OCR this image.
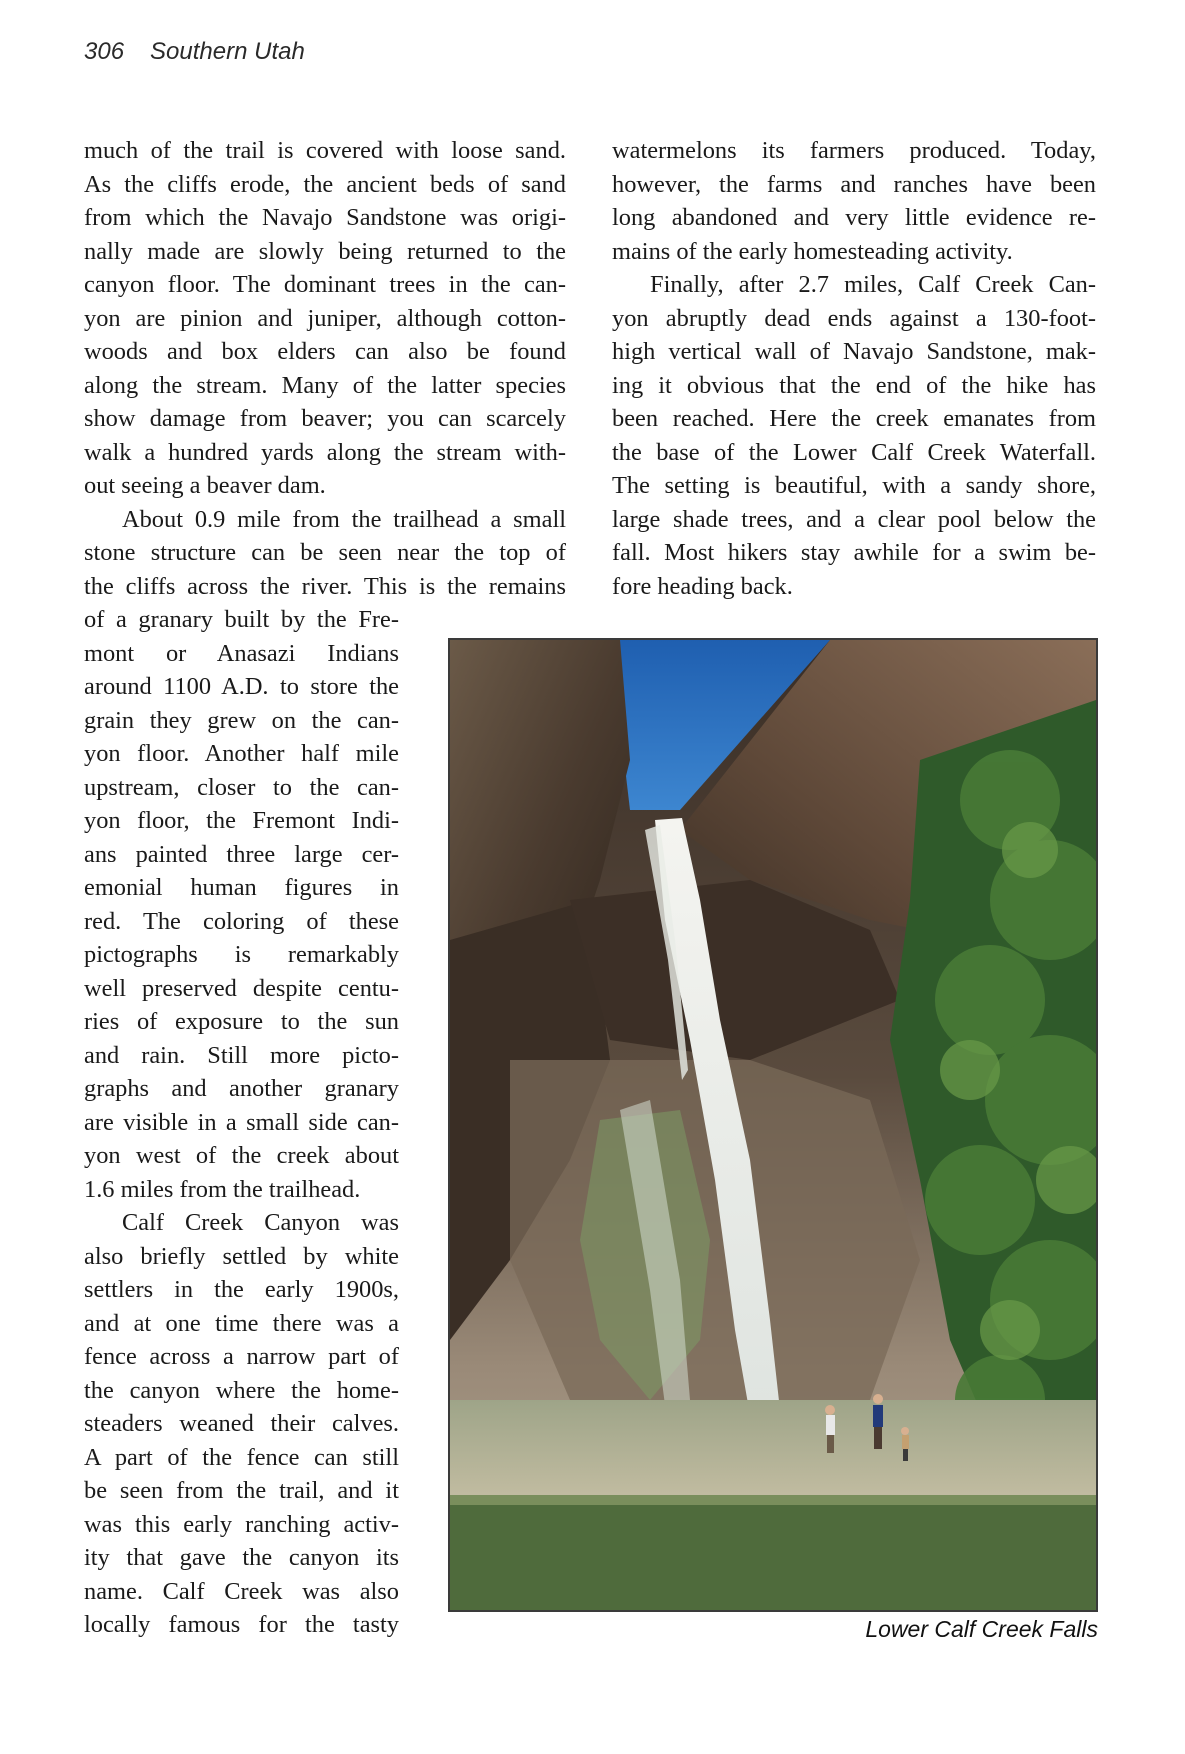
306 Southern Utah
much of the trail is covered with loose sand.
As the cliffs erode, the ancient beds of sand
from which the Navajo Sandstone was origi-
nally made are slowly being returned to the
canyon floor. The dominant trees in the can-
yon are pinion and juniper, although cotton-
woods and box elders can also be found
along the stream. Many of the latter species
show damage from beaver; you can scarcely
walk a hundred yards along the stream with-
out seeing a beaver dam.
About 0.9 mile from the trailhead a small
stone structure can be seen near the top of
the cliffs across the river. This is the remains
of a granary built by the Fre-
mont or Anasazi Indians
around 1100 A.D. to store the
grain they grew on the can-
yon floor. Another half mile
upstream, closer to the can-
yon floor, the Fremont Indi-
ans painted three large cer-
emonial human figures in
red. The coloring of these
pictographs is remarkably
well preserved despite centu-
ries of exposure to the sun
and rain. Still more picto-
graphs and another granary
are visible in a small side can-
yon west of the creek about
1.6 miles from the trailhead.
Calf Creek Canyon was
also briefly settled by white
settlers in the early 1900s,
and at one time there was a
fence across a narrow part of
the canyon where the home-
steaders weaned their calves.
A part of the fence can still
be seen from the trail, and it
was this early ranching activ-
ity that gave the canyon its
name. Calf Creek was also
locally famous for the tasty
watermelons its farmers produced. Today,
however, the farms and ranches have been
long abandoned and very little evidence re-
mains of the early homesteading activity.
Finally, after 2.7 miles, Calf Creek Can-
yon abruptly dead ends against a 130-foot-
high vertical wall of Navajo Sandstone, mak-
ing it obvious that the end of the hike has
been reached. Here the creek emanates from
the base of the Lower Calf Creek Waterfall.
The setting is beautiful, with a sandy shore,
large shade trees, and a clear pool below the
fall. Most hikers stay awhile for a swim be-
fore heading back.
Lower Calf Creek Falls
